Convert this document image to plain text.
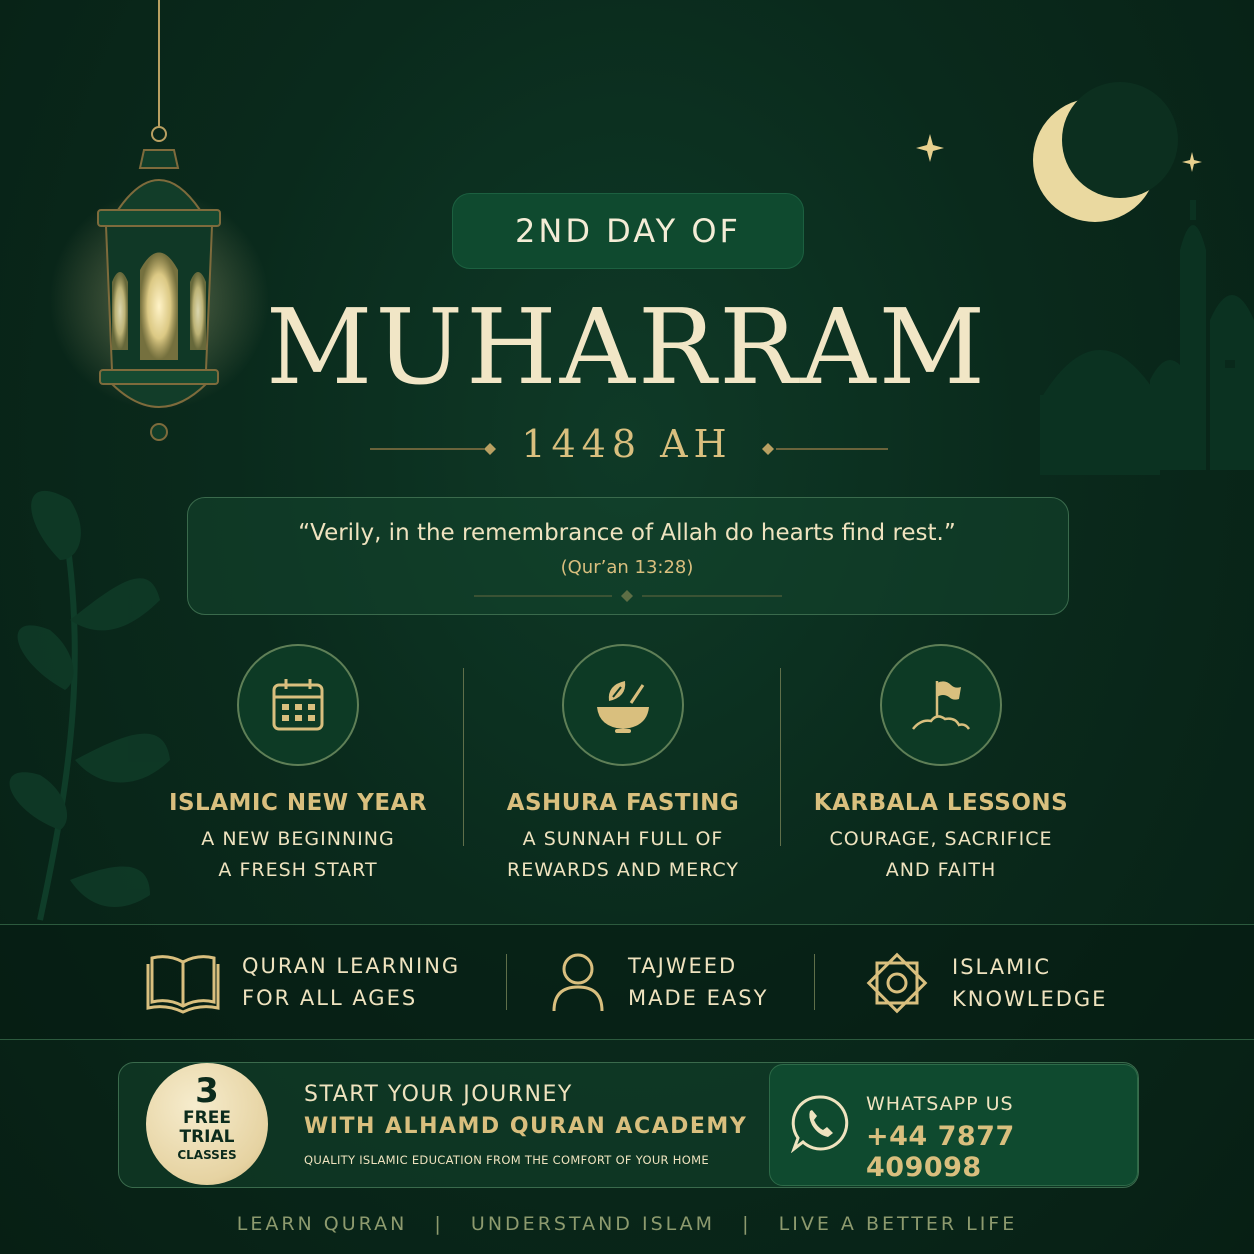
2ND DAY OF
MUHARRAM
1448 AH
“Verily, in the remembrance of Allah do hearts find rest.”
(Qur’an 13:28)
ISLAMIC NEW YEAR
A NEW BEGINNING
A FRESH START
ASHURA FASTING
A SUNNAH FULL OF
REWARDS AND MERCY
KARBALA LESSONS
COURAGE, SACRIFICE
AND FAITH
QURAN LEARNING
FOR ALL AGES
TAJWEED
MADE EASY
ISLAMIC
KNOWLEDGE
3
FREE
TRIAL
CLASSES
START YOUR JOURNEY
WITH ALHAMD QURAN ACADEMY
QUALITY ISLAMIC EDUCATION FROM THE COMFORT OF YOUR HOME
WHATSAPP US
+44 7877 409098
LEARN QURAN   |   UNDERSTAND ISLAM   |   LIVE A BETTER LIFE
